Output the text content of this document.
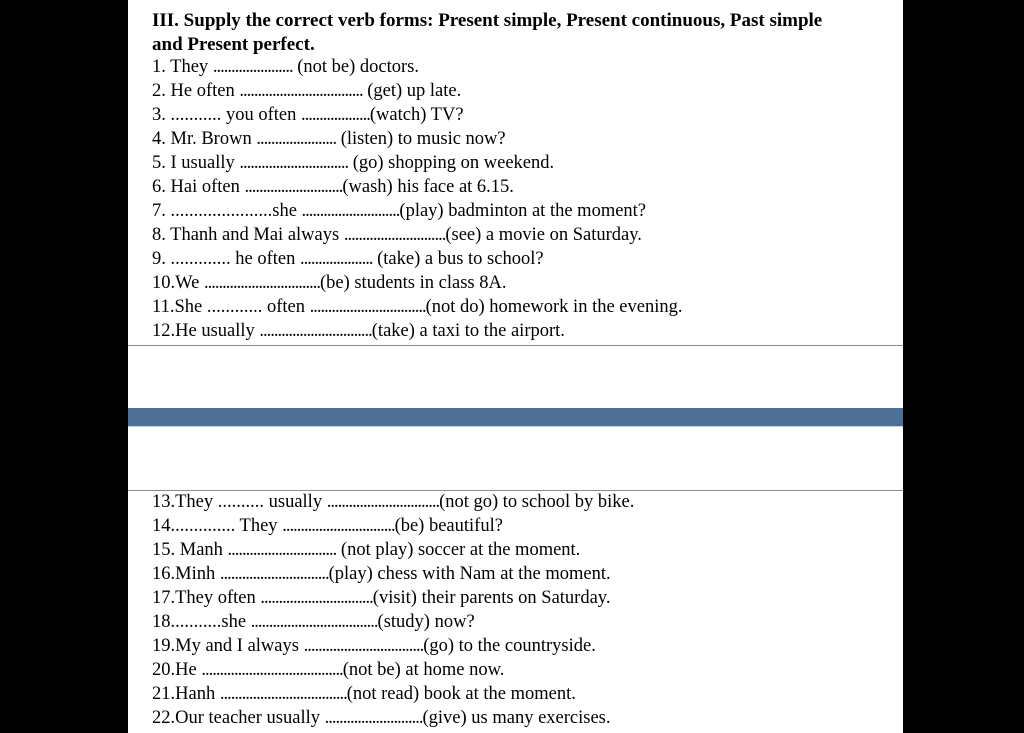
III. Supply the correct verb forms: Present simple, Present continuous, Past simple
and Present perfect.
1. They ...................... (not be) doctors.
2. He often .................................. (get) up late.
3. ........... you often ...................(watch) TV?
4. Mr. Brown ...................... (listen) to music now?
5. I usually .............................. (go) shopping on weekend.
6. Hai often ...........................(wash) his face at 6.15.
7. ......................she ...........................(play) badminton at the moment?
8. Thanh and Mai always ............................(see) a movie on Saturday.
9. ............. he often .................... (take) a bus to school?
10.We ................................(be) students in class 8A.
11.She ............ often ................................(not do) homework in the evening.
12.He usually ...............................(take) a taxi to the airport.
13.They .......... usually ...............................(not go) to school by bike.
14.............. They ...............................(be) beautiful?
15. Manh .............................. (not play) soccer at the moment.
16.Minh ..............................(play) chess with Nam at the moment.
17.They often ...............................(visit) their parents on Saturday.
18...........she ...................................(study) now?
19.My and I always .................................(go) to the countryside.
20.He .......................................(not be) at home now.
21.Hanh ...................................(not read) book at the moment.
22.Our teacher usually ...........................(give) us many exercises.
